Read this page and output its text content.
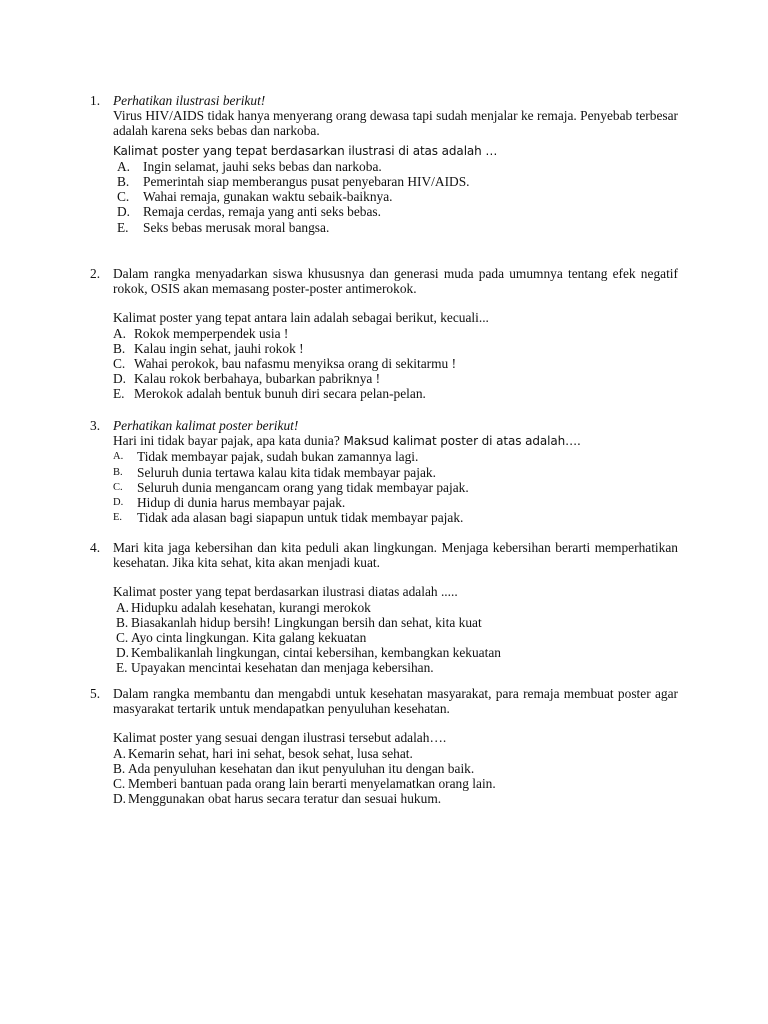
1. Perhatikan ilustrasi berikut!
Virus HIV/AIDS tidak hanya menyerang orang dewasa tapi sudah menjalar ke remaja. Penyebab terbesar adalah karena seks bebas dan narkoba.
Kalimat poster yang tepat berdasarkan ilustrasi di atas adalah …
A. Ingin selamat, jauhi seks bebas dan narkoba.
B.	Pemerintah siap memberangus pusat penyebaran HIV/AIDS.
C.	Wahai remaja, gunakan waktu sebaik-baiknya.
D. Remaja cerdas, remaja yang anti seks bebas.
E.	Seks bebas merusak moral bangsa.
2. Dalam rangka menyadarkan siswa khususnya dan generasi muda pada umumnya tentang efek negatif rokok, OSIS akan memasang poster-poster antimerokok.
Kalimat poster yang tepat antara lain adalah sebagai berikut, kecuali...
A. Rokok memperpendek usia !
B. Kalau ingin sehat, jauhi rokok !
C. Wahai perokok, bau nafasmu menyiksa orang di sekitarmu !
D. Kalau rokok berbahaya, bubarkan pabriknya !
E. Merokok adalah bentuk bunuh diri secara pelan-pelan.
3. Perhatikan kalimat poster berikut!
Hari ini tidak bayar pajak, apa kata dunia? Maksud kalimat poster di atas adalah….
A.	Tidak membayar pajak, sudah bukan zamannya lagi.
B.	Seluruh dunia tertawa kalau kita tidak membayar pajak.
C.	Seluruh dunia mengancam orang yang tidak membayar pajak.
D.	Hidup di dunia harus membayar pajak.
E.	Tidak ada alasan bagi siapapun untuk tidak membayar pajak.
4. Mari kita jaga kebersihan dan kita peduli akan lingkungan. Menjaga kebersihan berarti memperhatikan kesehatan. Jika kita sehat, kita akan menjadi kuat.
Kalimat poster yang tepat berdasarkan ilustrasi diatas adalah .....
A. Hidupku adalah kesehatan, kurangi merokok
B. Biasakanlah hidup bersih! Lingkungan bersih dan sehat, kita kuat
C. Ayo cinta lingkungan. Kita galang kekuatan
D. Kembalikanlah lingkungan, cintai kebersihan, kembangkan kekuatan
E. Upayakan mencintai kesehatan dan menjaga kebersihan.
5. Dalam rangka membantu dan mengabdi untuk kesehatan masyarakat, para remaja membuat poster agar masyarakat tertarik untuk mendapatkan penyuluhan kesehatan.
Kalimat poster yang sesuai dengan ilustrasi tersebut adalah….
A. Kemarin sehat, hari ini sehat, besok sehat, lusa sehat.
B. Ada penyuluhan kesehatan dan ikut penyuluhan itu dengan baik.
C. Memberi bantuan pada orang lain berarti menyelamatkan orang lain.
D. Menggunakan obat harus secara teratur dan sesuai hukum.
